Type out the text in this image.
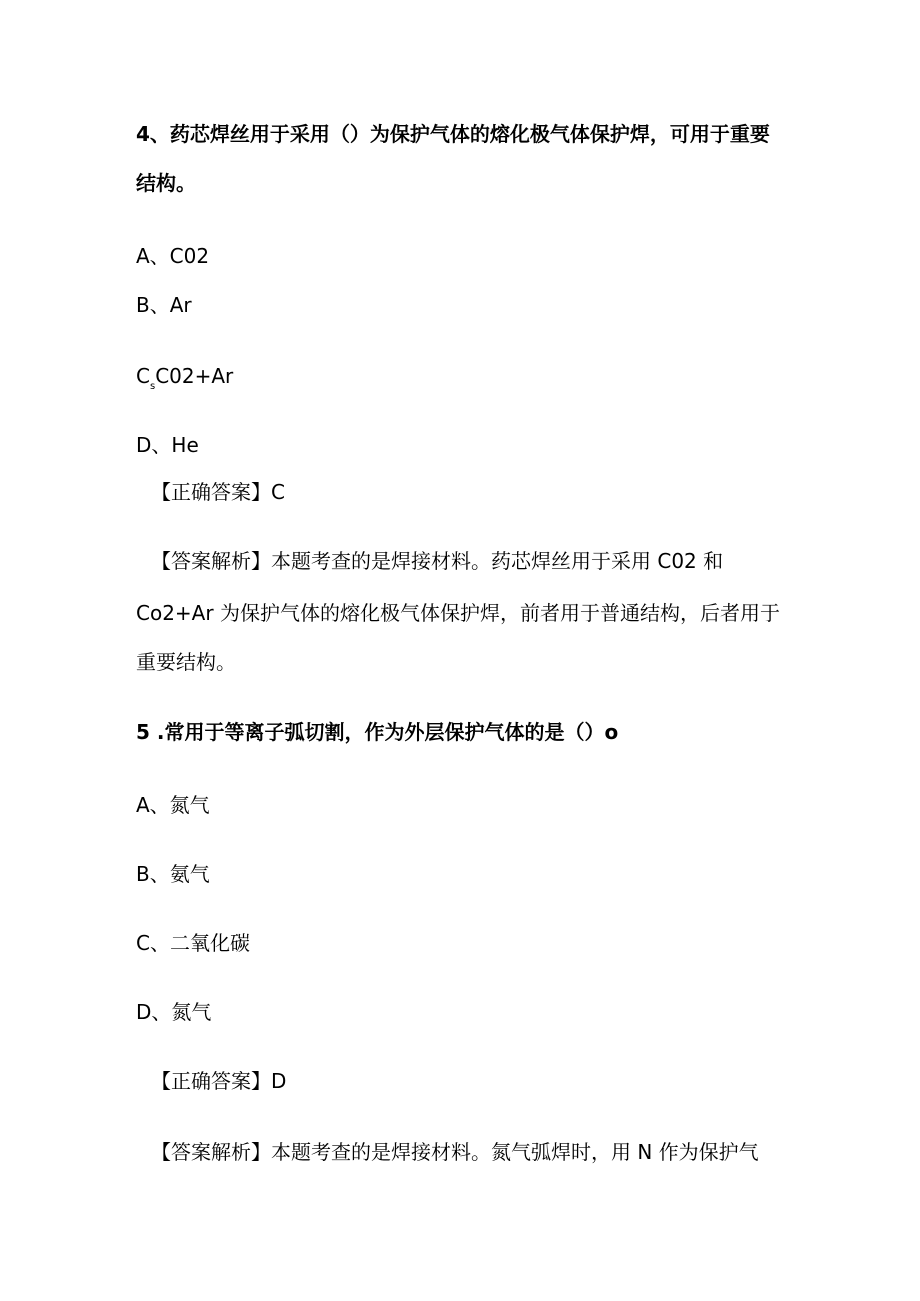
4、药芯焊丝用于采用（）为保护气体的熔化极气体保护焊，可用于重要
结构。
A、C02
B、Ar
$C_sC02+Ar$
D、He
【正确答案】C
【答案解析】本题考查的是焊接材料。药芯焊丝用于采用 C02 和
Co2+Ar 为保护气体的熔化极气体保护焊，前者用于普通结构，后者用于
重要结构。
5 .常用于等离子弧切割，作为外层保护气体的是（）o
A、氮气
B、氨气
C、二氧化碳
D、氮气
【正确答案】D
【答案解析】本题考查的是焊接材料。氮气弧焊时，用 N 作为保护气
